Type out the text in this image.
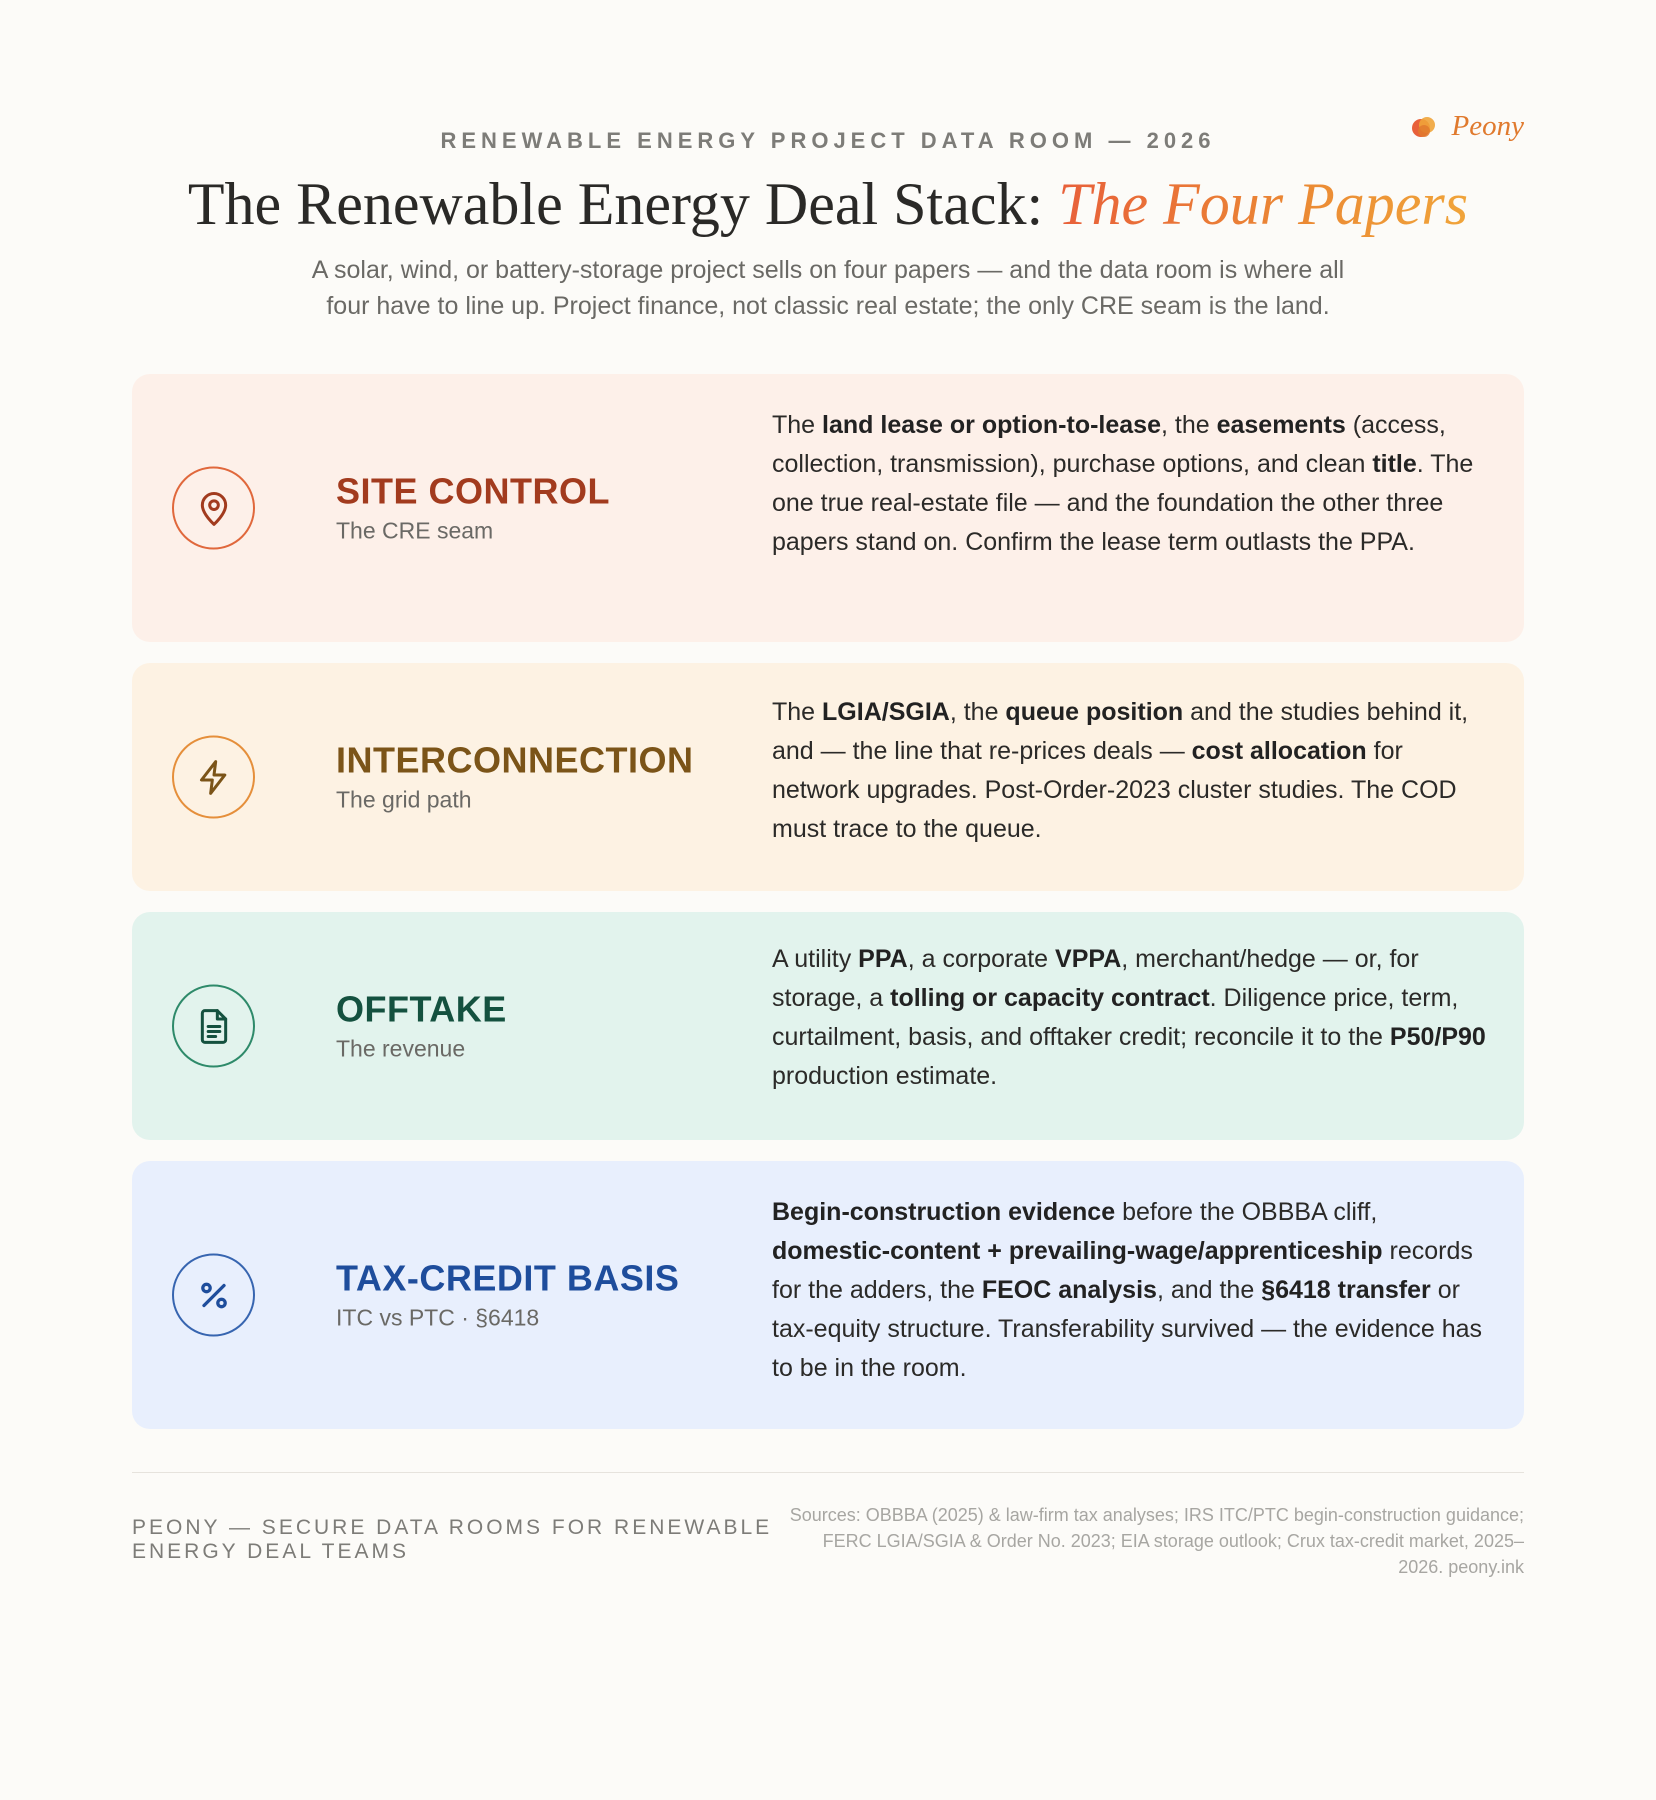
Peony
RENEWABLE ENERGY PROJECT DATA ROOM — 2026
The Renewable Energy Deal Stack: The Four Papers

A solar, wind, or battery-storage project sells on four papers — and the data room is where all
four have to line up. Project finance, not classic real estate; the only CRE seam is the land.

SITE CONTROL
The CRE seam
The land lease or option-to-lease, the easements (access, collection, transmission), purchase options, and clean title. The one true real-estate file — and the foundation the other three papers stand on. Confirm the lease term outlasts the PPA.
INTERCONNECTION
The grid path
The LGIA/SGIA, the queue position and the studies behind it, and — the line that re-prices deals — cost allocation for network upgrades. Post-Order-2023 cluster studies. The COD must trace to the queue.
OFFTAKE
The revenue
A utility PPA, a corporate VPPA, merchant/hedge — or, for storage, a tolling or capacity contract. Diligence price, term, curtailment, basis, and offtaker credit; reconcile it to the P50/P90 production estimate.
TAX-CREDIT BASIS
ITC vs PTC · §6418
Begin-construction evidence before the OBBBA cliff, domestic-content + prevailing-wage/apprenticeship records for the adders, the FEOC analysis, and the §6418 transfer or tax-equity structure. Transferability survived — the evidence has to be in the room.
PEONY — SECURE DATA ROOMS FOR RENEWABLE ENERGY DEAL TEAMS
Sources: OBBBA (2025) & law-firm tax analyses; IRS ITC/PTC begin-construction guidance; FERC LGIA/SGIA & Order No. 2023; EIA storage outlook; Crux tax-credit market, 2025–2026. peony.ink
